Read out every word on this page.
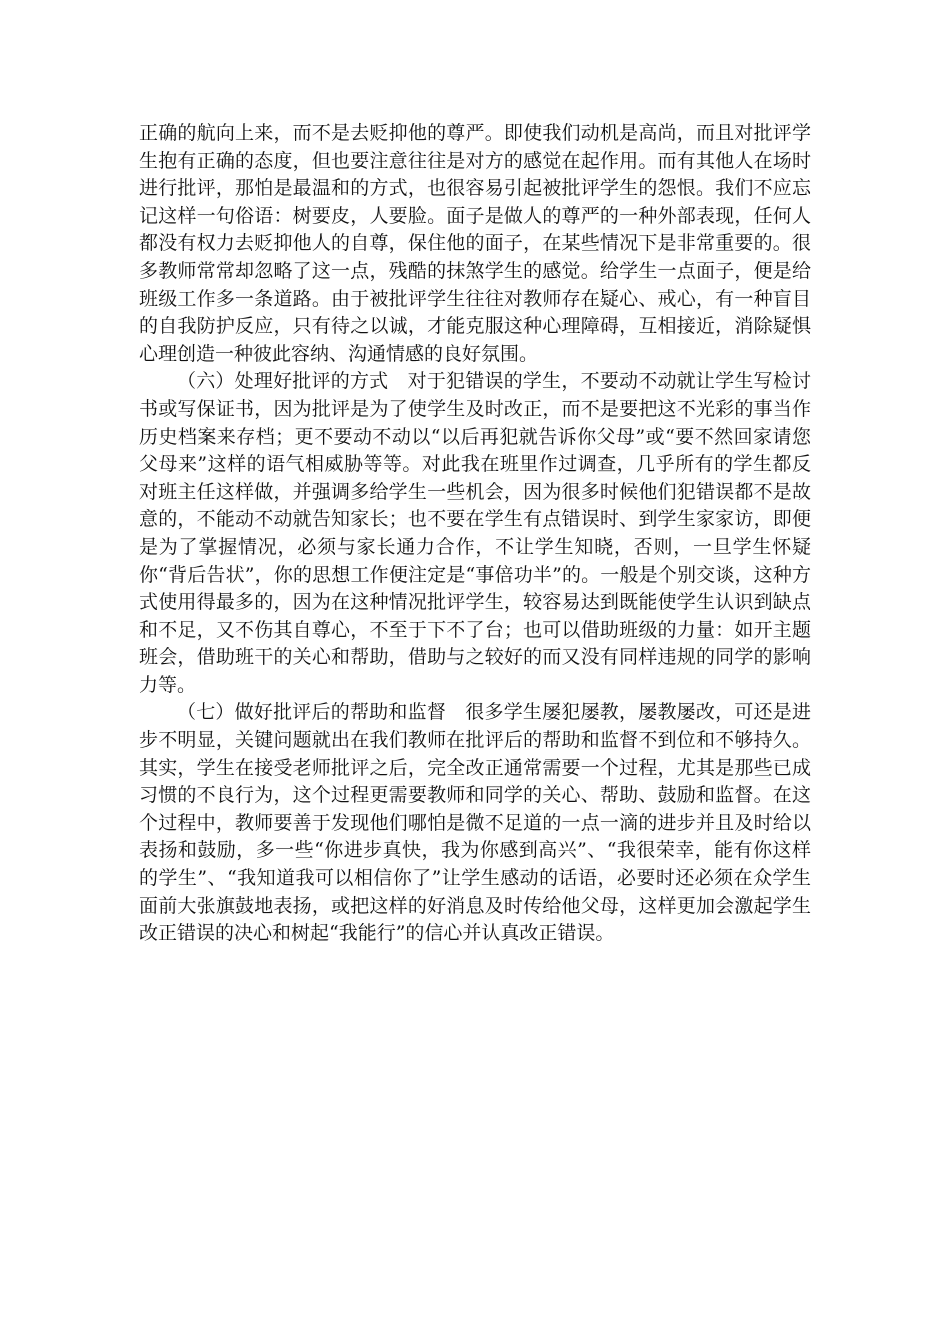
正确的航向上来，而不是去贬抑他的尊严。即使我们动机是高尚，而且对批评学生抱有正确的态度，但也要注意往往是对方的感觉在起作用。而有其他人在场时进行批评，那怕是最温和的方式，也很容易引起被批评学生的怨恨。我们不应忘记这样一句俗语：树要皮，人要脸。面子是做人的尊严的一种外部表现，任何人都没有权力去贬抑他人的自尊，保住他的面子，在某些情况下是非常重要的。很多教师常常却忽略了这一点，残酷的抹煞学生的感觉。给学生一点面子，便是给班级工作多一条道路。由于被批评学生往往对教师存在疑心、戒心，有一种盲目的自我防护反应，只有待之以诚，才能克服这种心理障碍，互相接近，消除疑惧心理创造一种彼此容纳、沟通情感的良好氛围。

（六）处理好批评的方式　对于犯错误的学生，不要动不动就让学生写检讨书或写保证书，因为批评是为了使学生及时改正，而不是要把这不光彩的事当作历史档案来存档；更不要动不动以“以后再犯就告诉你父母”或“要不然回家请您父母来”这样的语气相威胁等等。对此我在班里作过调查，几乎所有的学生都反对班主任这样做，并强调多给学生一些机会，因为很多时候他们犯错误都不是故意的，不能动不动就告知家长；也不要在学生有点错误时、到学生家家访，即便是为了掌握情况，必须与家长通力合作，不让学生知晓，否则，一旦学生怀疑你“背后告状”，你的思想工作便注定是“事倍功半”的。一般是个别交谈，这种方式使用得最多的，因为在这种情况批评学生，较容易达到既能使学生认识到缺点和不足，又不伤其自尊心，不至于下不了台；也可以借助班级的力量：如开主题班会，借助班干的关心和帮助，借助与之较好的而又没有同样违规的同学的影响力等。

（七）做好批评后的帮助和监督　很多学生屡犯屡教，屡教屡改，可还是进步不明显，关键问题就出在我们教师在批评后的帮助和监督不到位和不够持久。其实，学生在接受老师批评之后，完全改正通常需要一个过程，尤其是那些已成习惯的不良行为，这个过程更需要教师和同学的关心、帮助、鼓励和监督。在这个过程中，教师要善于发现他们哪怕是微不足道的一点一滴的进步并且及时给以表扬和鼓励，多一些“你进步真快，我为你感到高兴”、“我很荣幸，能有你这样的学生”、“我知道我可以相信你了”让学生感动的话语，必要时还必须在众学生面前大张旗鼓地表扬，或把这样的好消息及时传给他父母，这样更加会激起学生改正错误的决心和树起“我能行”的信心并认真改正错误。
